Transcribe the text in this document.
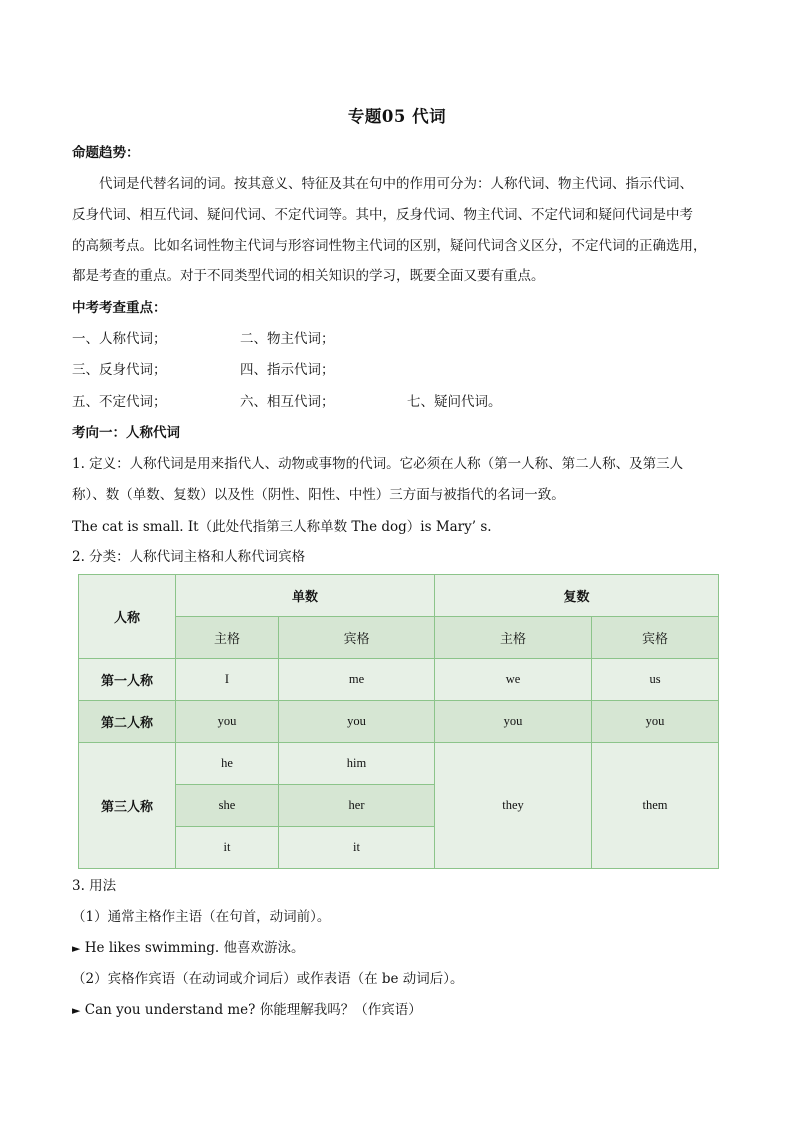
专题05 代词
命题趋势：
代词是代替名词的词。按其意义、特征及其在句中的作用可分为：人称代词、物主代词、指示代词、
反身代词、相互代词、疑问代词、不定代词等。其中，反身代词、物主代词、不定代词和疑问代词是中考
的高频考点。比如名词性物主代词与形容词性物主代词的区别，疑问代词含义区分，不定代词的正确选用，
都是考查的重点。对于不同类型代词的相关知识的学习，既要全面又要有重点。
中考考查重点：
一、人称代词；	二、物主代词；
三、反身代词；	四、指示代词；
五、不定代词；	六、相互代词；	七、疑问代词。
考向一：人称代词
1. 定义：人称代词是用来指代人、动物或事物的代词。它必须在人称（第一人称、第二人称、及第三人
称）、数（单数、复数）以及性（阴性、阳性、中性）三方面与被指代的名词一致。
The cat is small. It（此处代指第三人称单数 The dog）is Mary’ s.
2. 分类：人称代词主格和人称代词宾格
人称	单数		复数	
	主格	宾格	主格	宾格
第一人称	I	me	we	us
第二人称	you	you	you	you
第三人称	he	him	they	them
	she	her		
	it	it		
3. 用法
（1）通常主格作主语（在句首，动词前）。
► He likes swimming. 他喜欢游泳。
（2）宾格作宾语（在动词或介词后）或作表语（在 be 动词后）。
► Can you understand me? 你能理解我吗？（作宾语）
